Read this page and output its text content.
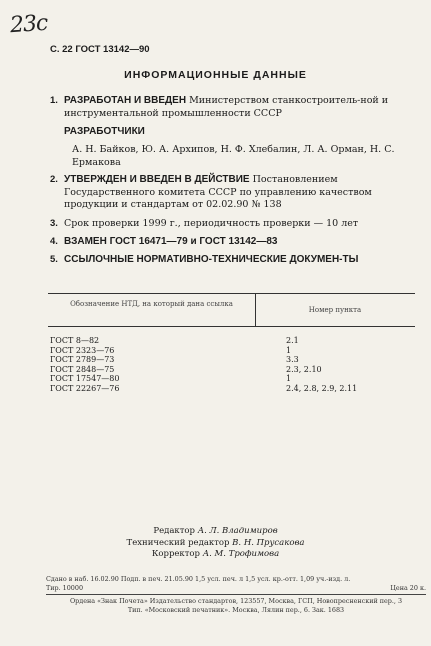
23с
С. 22 ГОСТ 13142—90
ИНФОРМАЦИОННЫЕ ДАННЫЕ
1. РАЗРАБОТАН И ВВЕДЕН Министерством станкостроитель-ной и инструментальной промышленности СССР
РАЗРАБОТЧИКИ
А. Н. Байков, Ю. А. Архипов, Н. Ф. Хлебалин, Л. А. Орман, Н. С. Ермакова
2. УТВЕРЖДЕН И ВВЕДЕН В ДЕЙСТВИЕ Постановлением Государственного комитета СССР по управлению качеством продукции и стандартам от 02.02.90 № 138
3. Срок проверки 1999 г., периодичность проверки — 10 лет
4. ВЗАМЕН ГОСТ 16471—79 и ГОСТ 13142—83
5. ССЫЛОЧНЫЕ НОРМАТИВНО-ТЕХНИЧЕСКИЕ ДОКУМЕН-ТЫ
Обозначение НТД, на который дана ссылка
Номер пункта
ГОСТ 8—82	2.1
ГОСТ 2323—76	1
ГОСТ 2789—73	3.3
ГОСТ 2848—75	2.3, 2.10
ГОСТ 17547—80	1
ГОСТ 22267—76	2.4, 2.8, 2.9, 2.11
Редактор А. Л. Владимиров
Технический редактор В. Н. Прусакова
Корректор А. М. Трофимова
Сдано в наб. 16.02.90 Подп. в печ. 21.05.90 1,5 усл. печ. л 1,5 усл. кр.-отт. 1,09 уч.-изд. л.
Тир. 10000	Цена 20 к.
Ордена «Знак Почета» Издательство стандартов, 123557, Москва, ГСП, Новопресненский пер., 3
Тип. «Московский печатник». Москва, Лялин пер., 6. Зак. 1683
